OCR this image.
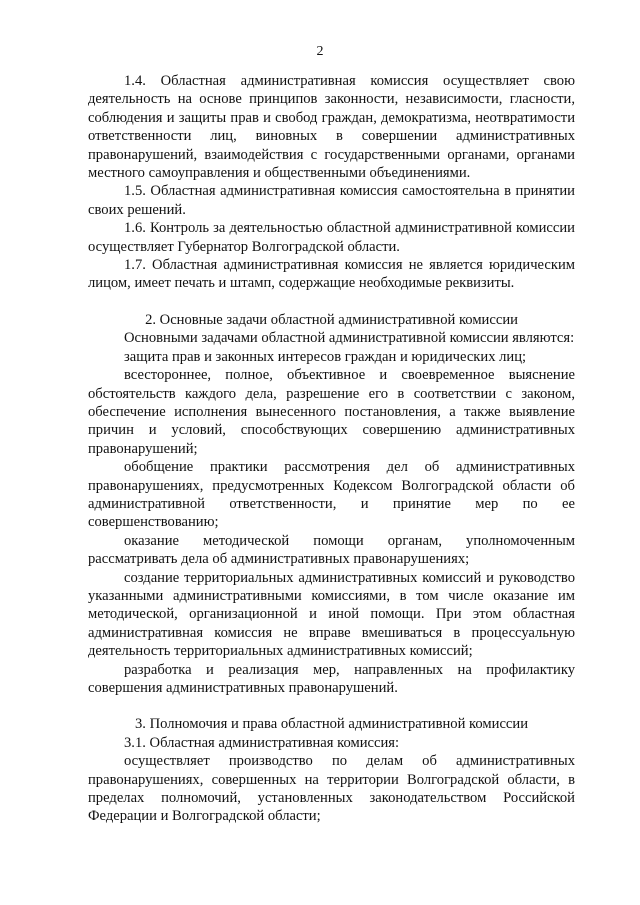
2

1.4. Областная административная комиссия осуществляет свою деятельность на основе принципов законности, независимости, гласности, соблюдения и защиты прав и свобод граждан, демократизма, неотвратимости ответственности лиц, виновных в совершении административных правонарушений, взаимодействия с государственными органами, органами местного самоуправления и общественными объединениями.

1.5. Областная административная комиссия самостоятельна в принятии своих решений.

1.6. Контроль за деятельностью областной административной комиссии осуществляет Губернатор Волгоградской области.

1.7. Областная административная комиссия не является юридическим лицом, имеет печать и штамп, содержащие необходимые реквизиты.

2. Основные задачи областной административной комиссии

Основными задачами областной административной комиссии являются:

защита прав и законных интересов граждан и юридических лиц;

всестороннее, полное, объективное и своевременное выяснение обстоятельств каждого дела, разрешение его в соответствии с законом, обеспечение исполнения вынесенного постановления, а также выявление причин и условий, способствующих совершению административных правонарушений;

обобщение практики рассмотрения дел об административных правонарушениях, предусмотренных Кодексом Волгоградской области об административной ответственности, и принятие мер по ее совершенствованию;

оказание методической помощи органам, уполномоченным рассматривать дела об административных правонарушениях;

создание территориальных административных комиссий и руководство указанными административными комиссиями, в том числе оказание им методической, организационной и иной помощи. При этом областная административная комиссия не вправе вмешиваться в процессуальную деятельность территориальных административных комиссий;

разработка и реализация мер, направленных на профилактику совершения административных правонарушений.

3. Полномочия и права областной административной комиссии

3.1. Областная административная комиссия:

осуществляет производство по делам об административных правонарушениях, совершенных на территории Волгоградской области, в пределах полномочий, установленных законодательством Российской Федерации и Волгоградской области;
